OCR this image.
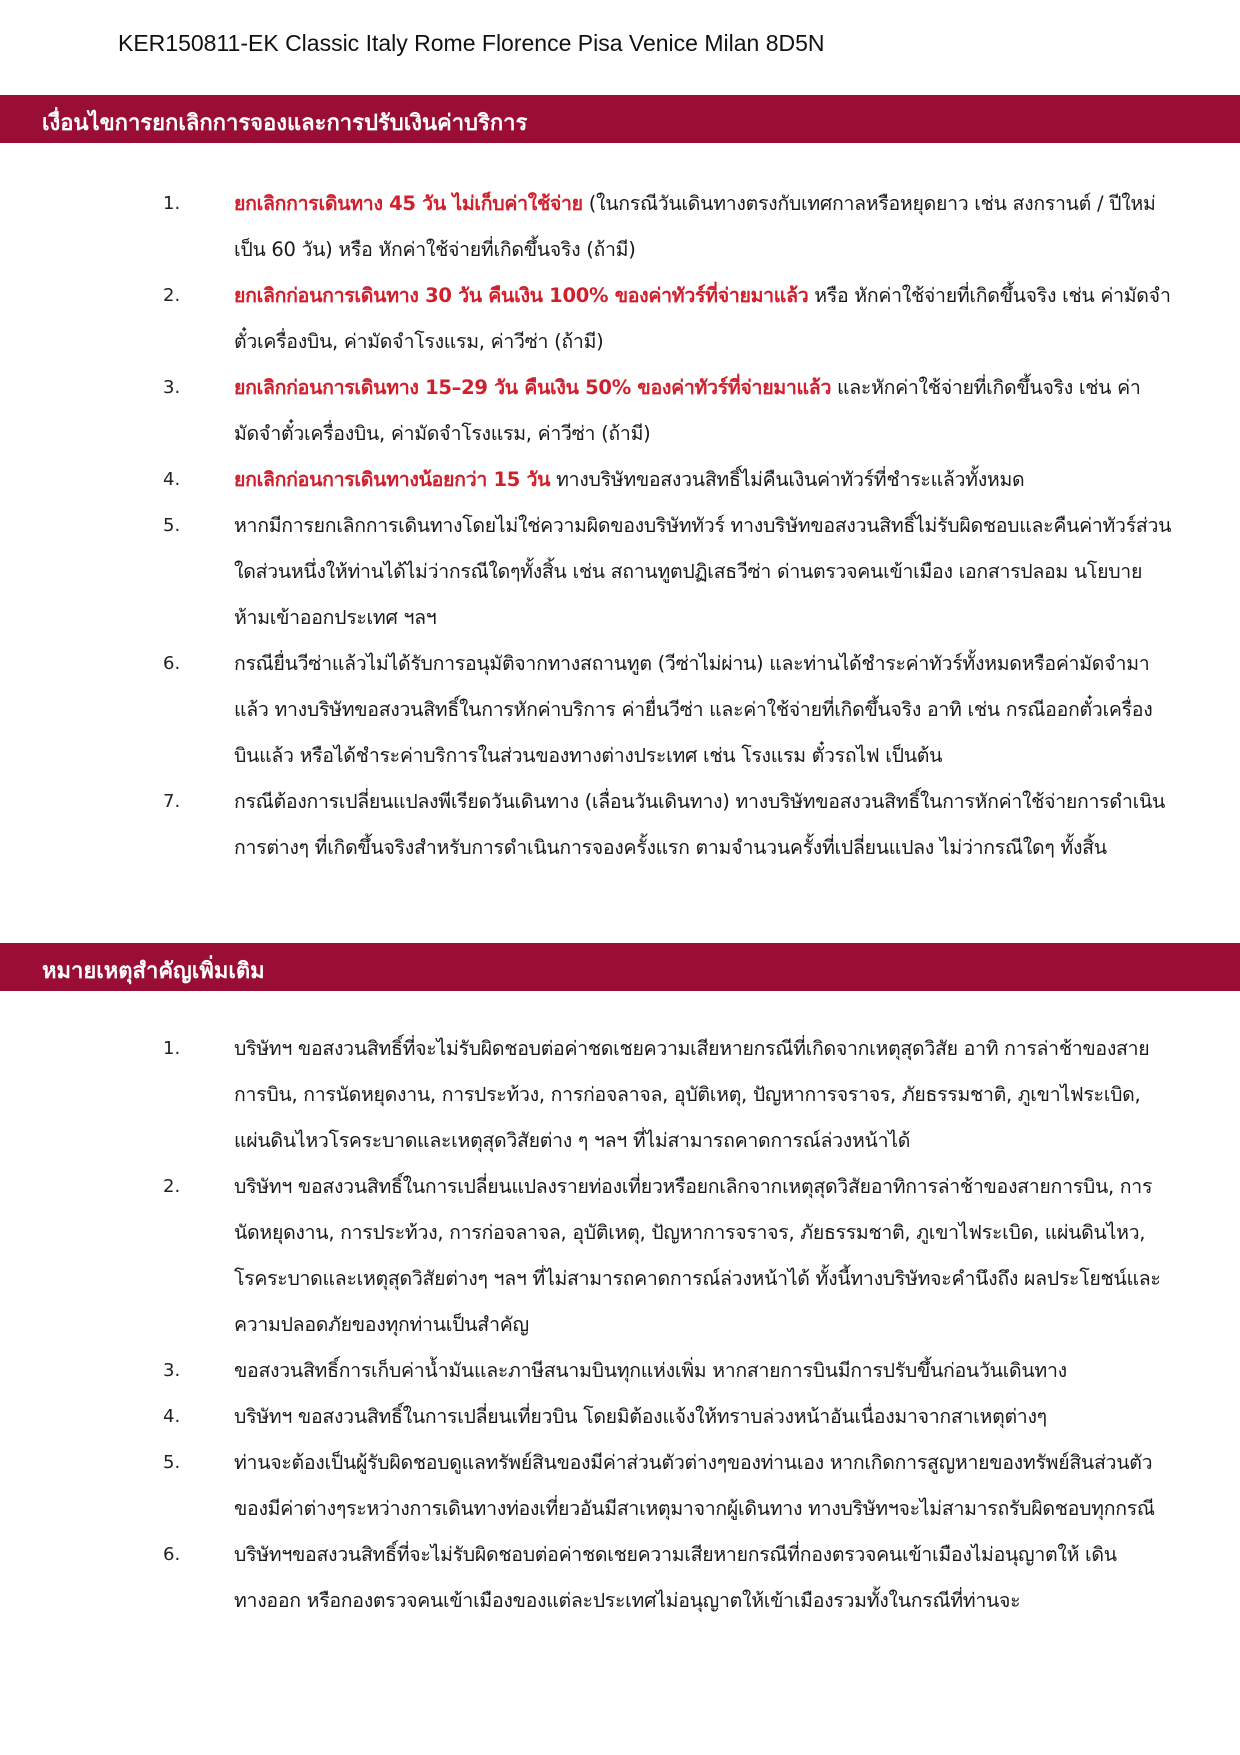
KER150811-EK Classic Italy Rome Florence Pisa Venice Milan 8D5N
เงื่อนไขการยกเลิกการจองและการปรับเงินค่าบริการ
1.	ยกเลิกการเดินทาง 45 วัน ไม่เก็บค่าใช้จ่าย (ในกรณีวันเดินทางตรงกับเทศกาลหรือหยุดยาว เช่น สงกรานต์ / ปีใหม่ เป็น 60 วัน) หรือ หักค่าใช้จ่ายที่เกิดขึ้นจริง (ถ้ามี)
2.	ยกเลิกก่อนการเดินทาง 30 วัน คืนเงิน 100% ของค่าทัวร์ที่จ่ายมาแล้ว หรือ หักค่าใช้จ่ายที่เกิดขึ้นจริง เช่น ค่ามัดจำตั๋วเครื่องบิน, ค่ามัดจำโรงแรม, ค่าวีซ่า (ถ้ามี)
3.	ยกเลิกก่อนการเดินทาง 15–29 วัน คืนเงิน 50% ของค่าทัวร์ที่จ่ายมาแล้ว และหักค่าใช้จ่ายที่เกิดขึ้นจริง เช่น ค่ามัดจำตั๋วเครื่องบิน, ค่ามัดจำโรงแรม, ค่าวีซ่า (ถ้ามี)
4.	ยกเลิกก่อนการเดินทางน้อยกว่า 15 วัน ทางบริษัทขอสงวนสิทธิ์ไม่คืนเงินค่าทัวร์ที่ชำระแล้วทั้งหมด
5.	หากมีการยกเลิกการเดินทางโดยไม่ใช่ความผิดของบริษัททัวร์ ทางบริษัทขอสงวนสิทธิ์ไม่รับผิดชอบและคืนค่าทัวร์ส่วนใดส่วนหนึ่งให้ท่านได้ไม่ว่ากรณีใดๆทั้งสิ้น เช่น สถานทูตปฏิเสธวีซ่า ด่านตรวจคนเข้าเมือง เอกสารปลอม นโยบายห้ามเข้าออกประเทศ ฯลฯ
6.	กรณียื่นวีซ่าแล้วไม่ได้รับการอนุมัติจากทางสถานทูต (วีซ่าไม่ผ่าน) และท่านได้ชำระค่าทัวร์ทั้งหมดหรือค่ามัดจำมาแล้ว ทางบริษัทขอสงวนสิทธิ์ในการหักค่าบริการ ค่ายื่นวีซ่า และค่าใช้จ่ายที่เกิดขึ้นจริง อาทิ เช่น กรณีออกตั๋วเครื่องบินแล้ว หรือได้ชำระค่าบริการในส่วนของทางต่างประเทศ เช่น โรงแรม ตั๋วรถไฟ เป็นต้น
7.	กรณีต้องการเปลี่ยนแปลงพีเรียดวันเดินทาง (เลื่อนวันเดินทาง) ทางบริษัทขอสงวนสิทธิ์ในการหักค่าใช้จ่ายการดำเนินการต่างๆ ที่เกิดขึ้นจริงสำหรับการดำเนินการจองครั้งแรก ตามจำนวนครั้งที่เปลี่ยนแปลง ไม่ว่ากรณีใดๆ ทั้งสิ้น
หมายเหตุสำคัญเพิ่มเติม
1.	บริษัทฯ ขอสงวนสิทธิ์ที่จะไม่รับผิดชอบต่อค่าชดเชยความเสียหายกรณีที่เกิดจากเหตุสุดวิสัย อาทิ การล่าช้าของสายการบิน, การนัดหยุดงาน, การประท้วง, การก่อจลาจล, อุบัติเหตุ, ปัญหาการจราจร, ภัยธรรมชาติ, ภูเขาไฟระเบิด, แผ่นดินไหวโรคระบาดและเหตุสุดวิสัยต่าง ๆ ฯลฯ ที่ไม่สามารถคาดการณ์ล่วงหน้าได้
2.	บริษัทฯ ขอสงวนสิทธิ์ในการเปลี่ยนแปลงรายท่องเที่ยวหรือยกเลิกจากเหตุสุดวิสัยอาทิการล่าช้าของสายการบิน, การนัดหยุดงาน, การประท้วง, การก่อจลาจล, อุบัติเหตุ, ปัญหาการจราจร, ภัยธรรมชาติ, ภูเขาไฟระเบิด, แผ่นดินไหว, โรคระบาดและเหตุสุดวิสัยต่างๆ ฯลฯ ที่ไม่สามารถคาดการณ์ล่วงหน้าได้ ทั้งนี้ทางบริษัทจะคำนึงถึง ผลประโยชน์และความปลอดภัยของทุกท่านเป็นสำคัญ
3.	ขอสงวนสิทธิ์การเก็บค่าน้ำมันและภาษีสนามบินทุกแห่งเพิ่ม หากสายการบินมีการปรับขึ้นก่อนวันเดินทาง
4.	บริษัทฯ ขอสงวนสิทธิ์ในการเปลี่ยนเที่ยวบิน โดยมิต้องแจ้งให้ทราบล่วงหน้าอันเนื่องมาจากสาเหตุต่างๆ
5.	ท่านจะต้องเป็นผู้รับผิดชอบดูแลทรัพย์สินของมีค่าส่วนตัวต่างๆของท่านเอง หากเกิดการสูญหายของทรัพย์สินส่วนตัว ของมีค่าต่างๆระหว่างการเดินทางท่องเที่ยวอันมีสาเหตุมาจากผู้เดินทาง ทางบริษัทฯจะไม่สามารถรับผิดชอบทุกกรณี
6.	บริษัทฯขอสงวนสิทธิ์ที่จะไม่รับผิดชอบต่อค่าชดเชยความเสียหายกรณีที่กองตรวจคนเข้าเมืองไม่อนุญาตให้ เดินทางออก หรือกองตรวจคนเข้าเมืองของแต่ละประเทศไม่อนุญาตให้เข้าเมืองรวมทั้งในกรณีที่ท่านจะ
